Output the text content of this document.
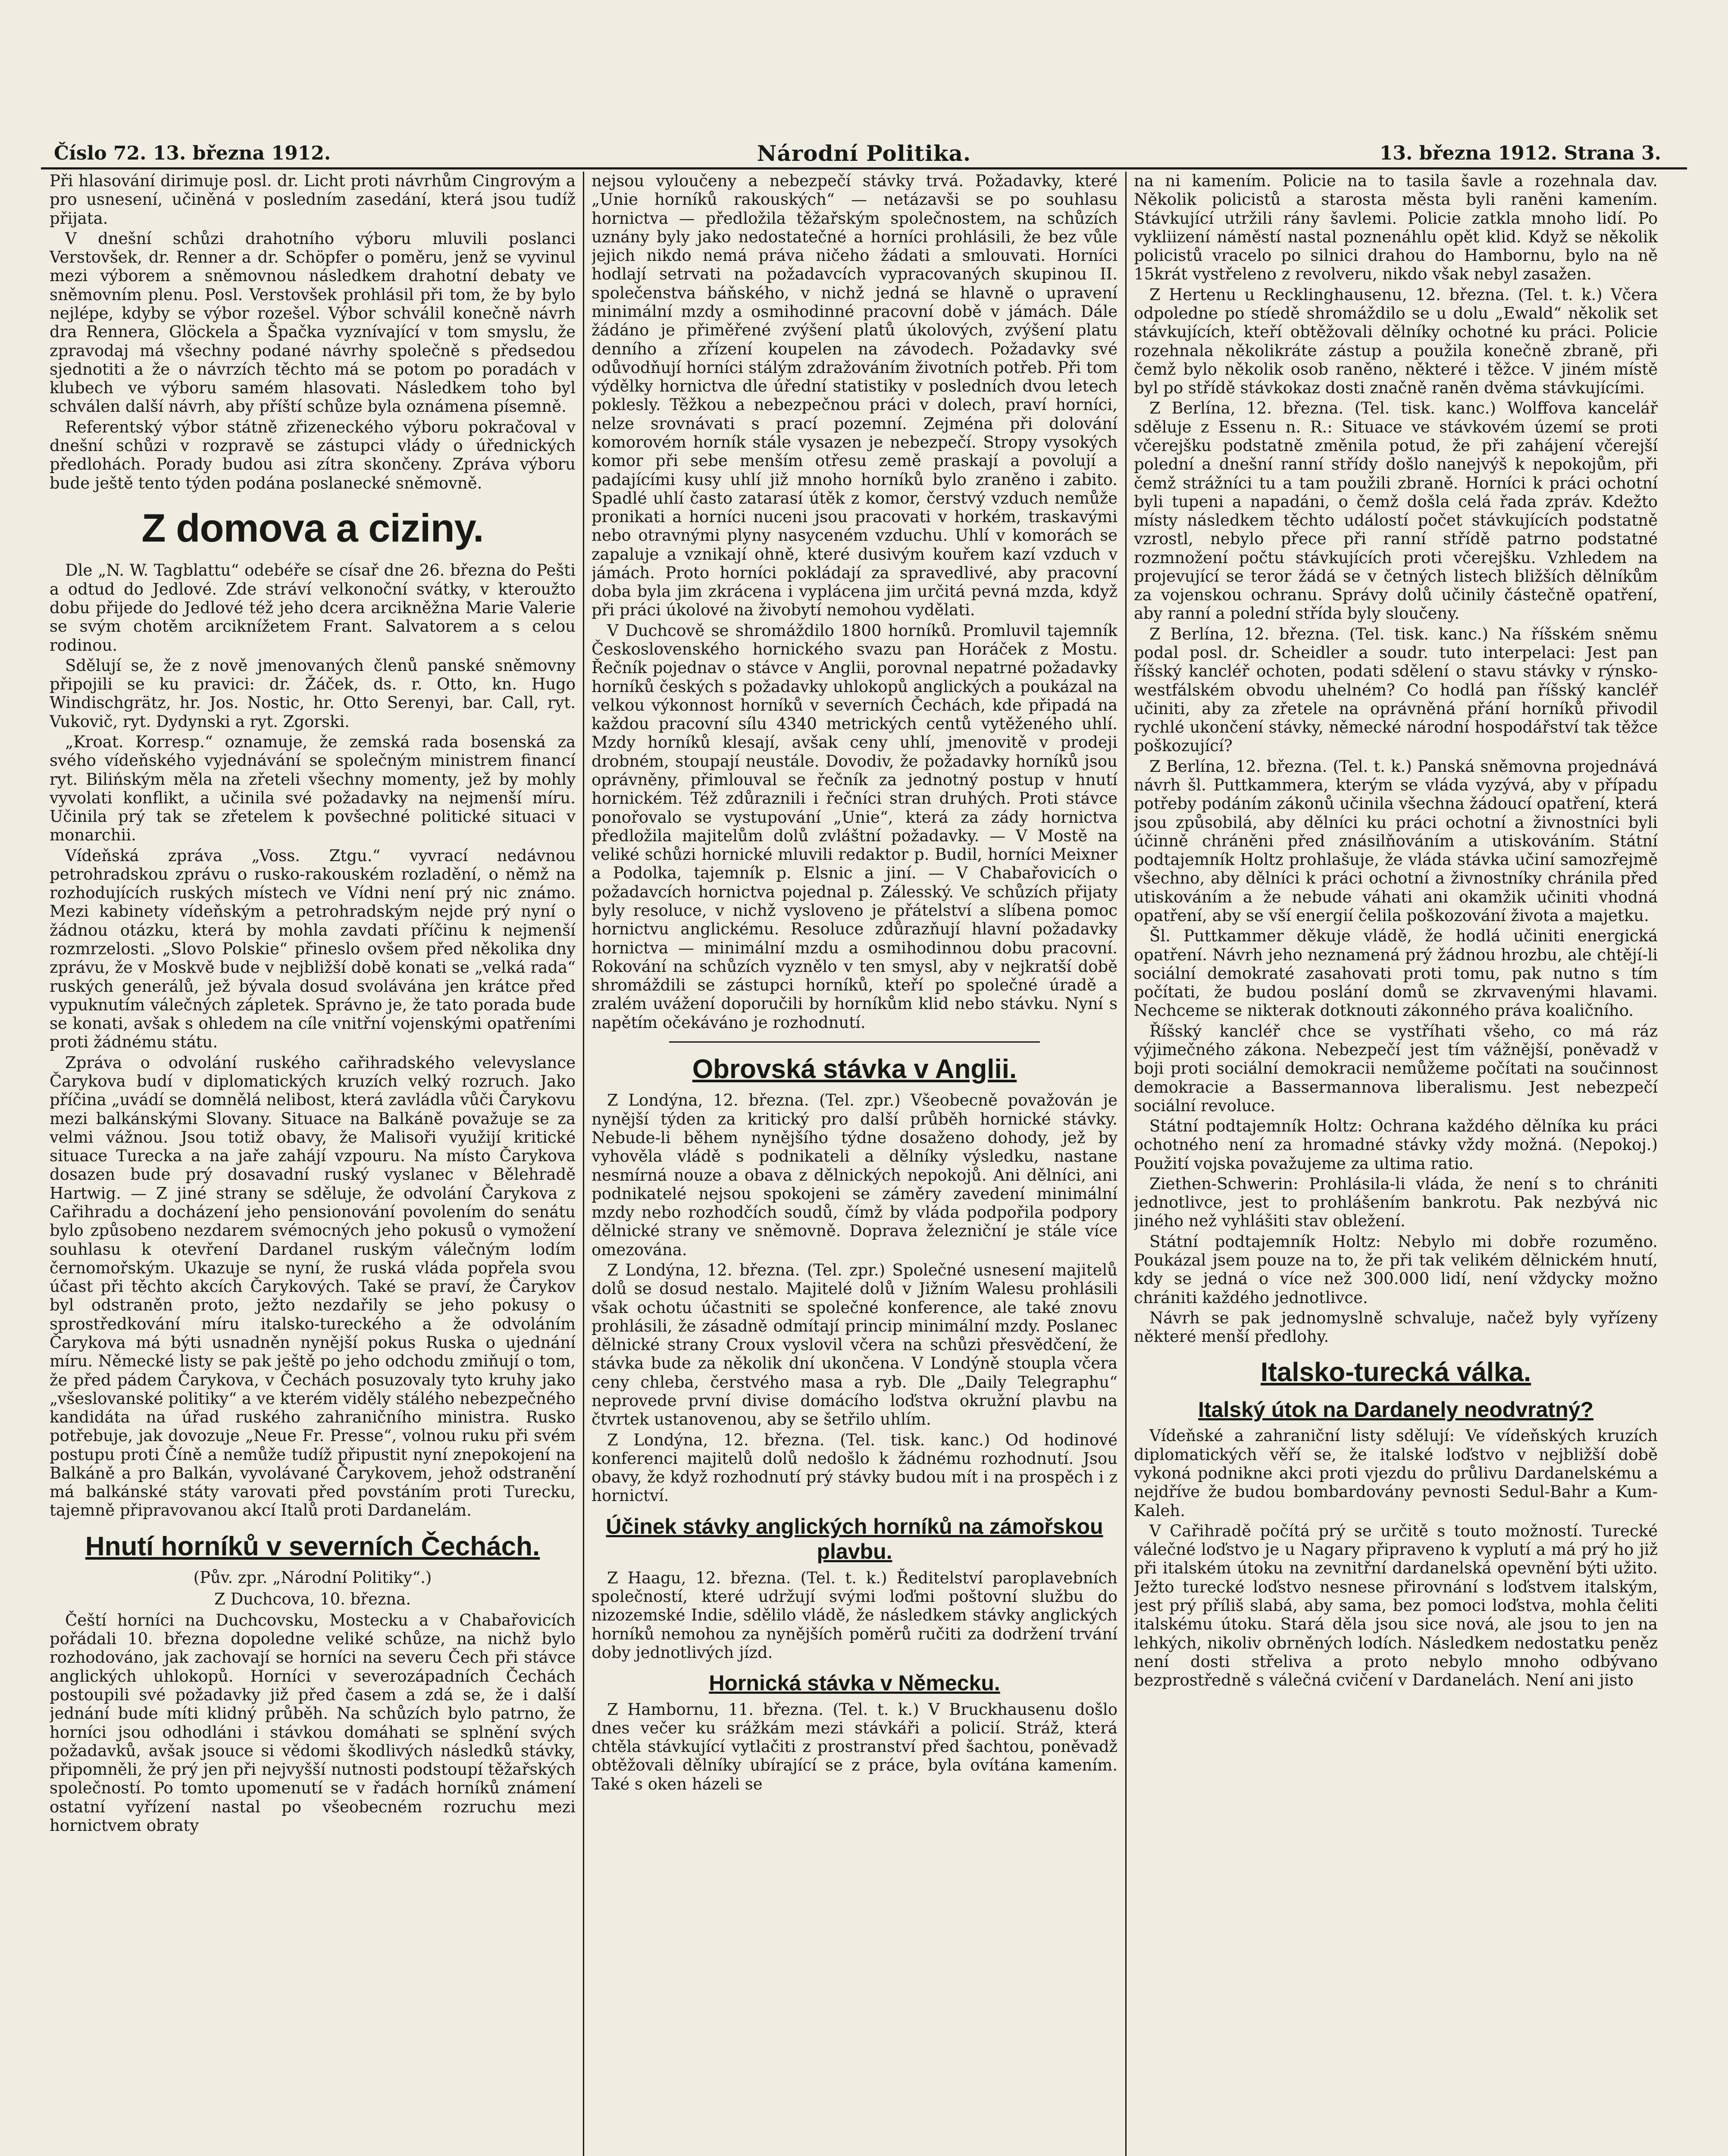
Číslo 72. 13. března 1912.	Národní Politika.	13. března 1912. Strana 3.

Při hlasování dirimuje posl. dr. Licht proti návrhům Cingrovým a pro usnesení, učiněná v posledním zasedání, která jsou tudíž přijata.

V dnešní schůzi drahotního výboru mluvili poslanci Verstovšek, dr. Renner a dr. Schöpfer o poměru, jenž se vyvinul mezi výborem a sněmovnou následkem drahotní debaty ve sněmovním plenu. Posl. Verstovšek prohlásil při tom, že by bylo nejlépe, kdyby se výbor rozešel. Výbor schválil konečně návrh dra Rennera, Glöckela a Špačka vyznívající v tom smyslu, že zpravodaj má všechny podané návrhy společně s předsedou sjednotiti a že o návrzích těchto má se potom po poradách v klubech ve výboru samém hlasovati. Následkem toho byl schválen další návrh, aby příští schůze byla oznámena písemně.

Referentský výbor státně zřizeneckého výboru pokračoval v dnešní schůzi v rozpravě se zástupci vlády o úřednických předlohách. Porady budou asi zítra skončeny. Zpráva výboru bude ještě tento týden podána poslanecké sněmovně.

Z domova a ciziny.

Dle „N. W. Tagblattu“ odebéře se císař dne 26. března do Pešti a odtud do Jedlové. Zde stráví velkonoční svátky, v kteroužto dobu přijede do Jedlové též jeho dcera arcikněžna Marie Valerie se svým chotěm arciknížetem Frant. Salvatorem a s celou rodinou.

Sdělují se, že z nově jmenovaných členů panské sněmovny připojili se ku pravici: dr. Žáček, ds. r. Otto, kn. Hugo Windischgrätz, hr. Jos. Nostic, hr. Otto Serenyi, bar. Call, ryt. Vukovič, ryt. Dydynski a ryt. Zgorski.

„Kroat. Korresp.“ oznamuje, že zemská rada bosenská za svého vídeňského vyjednávání se společným ministrem financí ryt. Bilińským měla na zřeteli všechny momenty, jež by mohly vyvolati konflikt, a učinila své požadavky na nejmenší míru. Učinila prý tak se zřetelem k povšechné politické situaci v monarchii.

Vídeňská zpráva „Voss. Ztgu.“ vyvrací nedávnou petrohradskou zprávu o rusko-rakouském rozladění, o němž na rozhodujících ruských místech ve Vídni není prý nic známo. Mezi kabinety vídeňským a petrohradským nejde prý nyní o žádnou otázku, která by mohla zavdati příčinu k nejmenší rozmrzelosti. „Slovo Polskie“ přineslo ovšem před několika dny zprávu, že v Moskvě bude v nejbližší době konati se „velká rada“ ruských generálů, jež bývala dosud svolávána jen krátce před vypuknutím válečných zápletek. Správno je, že tato porada bude se konati, avšak s ohledem na cíle vnitřní vojenskými opatřeními proti žádnému státu.

Zpráva o odvolání ruského cařihradského velevyslance Čarykova budí v diplomatických kruzích velký rozruch. Jako příčina „uvádí se domnělá nelibost, která zavládla vůči Čarykovu mezi balkánskými Slovany. Situace na Balkáně považuje se za velmi vážnou. Jsou totiž obavy, že Malisoři využijí kritické situace Turecka a na jaře zahájí vzpouru. Na místo Čarykova dosazen bude prý dosavadní ruský vyslanec v Bělehradě Hartwig. — Z jiné strany se sděluje, že odvolání Čarykova z Cařihradu a docházení jeho pensionování povolením do senátu bylo způsobeno nezdarem svémocných jeho pokusů o vymožení souhlasu k otevření Dardanel ruským válečným lodím černomořským. Ukazuje se nyní, že ruská vláda popřela svou účast při těchto akcích Čarykových. Také se praví, že Čarykov byl odstraněn proto, ježto nezdařily se jeho pokusy o sprostředkování míru italsko-tureckého a že odvoláním Čarykova má býti usnadněn nynější pokus Ruska o ujednání míru. Německé listy se pak ještě po jeho odchodu zmiňují o tom, že před pádem Čarykova, v Čechách posuzovaly tyto kruhy jako „všeslovanské politiky“ a ve kterém viděly stálého nebezpečného kandidáta na úřad ruského zahraničního ministra. Rusko potřebuje, jak dovozuje „Neue Fr. Presse“, volnou ruku při svém postupu proti Číně a nemůže tudíž připustit nyní znepokojení na Balkáně a pro Balkán, vyvolávané Čarykovem, jehož odstranění má balkánské státy varovati před povstáním proti Turecku, tajemně připravovanou akcí Italů proti Dardanelám.

Hnutí horníků v severních Čechách.
(Pův. zpr. „Národní Politiky“.)
Z Duchcova, 10. března.

Čeští horníci na Duchcovsku, Mostecku a v Chabařovicích pořádali 10. března dopoledne veliké schůze, na nichž bylo rozhodováno, jak zachovají se horníci na severu Čech při stávce anglických uhlokopů. Horníci v severozápadních Čechách postoupili své požadavky již před časem a zdá se, že i další jednání bude míti klidný průběh. Na schůzích bylo patrno, že horníci jsou odhodláni i stávkou domáhati se splnění svých požadavků, avšak jsouce si vědomi škodlivých následků stávky, připomněli, že prý jen při nejvyšší nutnosti podstoupí těžařských společností. Po tomto upomenutí se v řadách horníků známení ostatní vyřízení nastal po všeobecném rozruchu mezi hornictvem obraty

nejsou vyloučeny a nebezpečí stávky trvá. Požadavky, které „Unie horníků rakouských“ — netázavši se po souhlasu hornictva — předložila těžařským společnostem, na schůzích uznány byly jako nedostatečné a horníci prohlásili, že bez vůle jejich nikdo nemá práva ničeho žádati a smlouvati. Horníci hodlají setrvati na požadavcích vypracovaných skupinou II. společenstva báňského, v nichž jedná se hlavně o upravení minimální mzdy a osmihodinné pracovní době v jámách. Dále žádáno je přiměřené zvýšení platů úkolových, zvýšení platu denního a zřízení koupelen na závodech. Požadavky své odůvodňují horníci stálým zdražováním životních potřeb. Při tom výdělky hornictva dle úřední statistiky v posledních dvou letech poklesly. Těžkou a nebezpečnou práci v dolech, praví horníci, nelze srovnávati s prací pozemní. Zejména při dolování komorovém horník stále vysazen je nebezpečí. Stropy vysokých komor při sebe menším otřesu země praskají a povolují a padajícími kusy uhlí již mnoho horníků bylo zraněno i zabito. Spadlé uhlí často zatarasí útěk z komor, čerstvý vzduch nemůže pronikati a horníci nuceni jsou pracovati v horkém, traskavými nebo otravnými plyny nasyceném vzduchu. Uhlí v komorách se zapaluje a vznikají ohně, které dusivým kouřem kazí vzduch v jámách. Proto horníci pokládají za spravedlivé, aby pracovní doba byla jim zkrácena i vyplácena jim určitá pevná mzda, když při práci úkolové na živobytí nemohou vydělati.

V Duchcově se shromáždilo 1800 horníků. Promluvil tajemník Československého hornického svazu pan Horáček z Mostu. Řečník pojednav o stávce v Anglii, porovnal nepatrné požadavky horníků českých s požadavky uhlokopů anglických a poukázal na velkou výkonnost horníků v severních Čechách, kde připadá na každou pracovní sílu 4340 metrických centů vytěženého uhlí. Mzdy horníků klesají, avšak ceny uhlí, jmenovitě v prodeji drobném, stoupají neustále. Dovodiv, že požadavky horníků jsou oprávněny, přimlouval se řečník za jednotný postup v hnutí hornickém. Též zdůraznili i řečníci stran druhých. Proti stávce ponořovalo se vystupování „Unie“, která za zády hornictva předložila majitelům dolů zvláštní požadavky. — V Mostě na veliké schůzi hornické mluvili redaktor p. Budil, horníci Meixner a Podolka, tajemník p. Elsnic a jiní. — V Chabařovicích o požadavcích hornictva pojednal p. Zálesský. Ve schůzích přijaty byly resoluce, v nichž vysloveno je přátelství a slíbena pomoc hornictvu anglickému. Resoluce zdůrazňují hlavní požadavky hornictva — minimální mzdu a osmihodinnou dobu pracovní. Rokování na schůzích vyznělo v ten smysl, aby v nejkratší době shromáždili se zástupci horníků, kteří po společné úradě a zralém uvážení doporučili by horníkům klid nebo stávku. Nyní s napětím očekáváno je rozhodnutí.

Obrovská stávka v Anglii.

Z Londýna, 12. března. (Tel. zpr.) Všeobecně považován je nynější týden za kritický pro další průběh hornické stávky. Nebude-li během nynějšího týdne dosaženo dohody, jež by vyhověla vládě s podnikateli a dělníky výsledku, nastane nesmírná nouze a obava z dělnických nepokojů. Ani dělníci, ani podnikatelé nejsou spokojeni se záměry zavedení minimální mzdy nebo rozhodčích soudů, čímž by vláda podpořila podpory dělnické strany ve sněmovně. Doprava železniční je stále více omezována.

Z Londýna, 12. března. (Tel. zpr.) Společné usnesení majitelů dolů se dosud nestalo. Majitelé dolů v Jižním Walesu prohlásili však ochotu účastniti se společné konference, ale také znovu prohlásili, že zásadně odmítají princip minimální mzdy. Poslanec dělnické strany Croux vyslovil včera na schůzi přesvědčení, že stávka bude za několik dní ukončena. V Londýně stoupla včera ceny chleba, čerstvého masa a ryb. Dle „Daily Telegraphu“ neprovede první divise domácího loďstva okružní plavbu na čtvrtek ustanovenou, aby se šetřilo uhlím.

Z Londýna, 12. března. (Tel. tisk. kanc.) Od hodinové konferenci majitelů dolů nedošlo k žádnému rozhodnutí. Jsou obavy, že když rozhodnutí prý stávky budou mít i na prospěch i z hornictví.

Účinek stávky anglických horníků na zámořskou plavbu.

Z Haagu, 12. března. (Tel. t. k.) Ředitelství paroplavebních společností, které udržují svými loďmi poštovní službu do nizozemské Indie, sdělilo vládě, že následkem stávky anglických horníků nemohou za nynějších poměrů ručiti za dodržení trvání doby jednotlivých jízd.

Hornická stávka v Německu.

Z Hambornu, 11. března. (Tel. t. k.) V Bruckhausenu došlo dnes večer ku srážkám mezi stávkáři a policií. Stráž, která chtěla stávkující vytlačiti z prostranství před šachtou, poněvadž obtěžovali dělníky ubírající se z práce, byla ovítána kamením. Také s oken házeli se

na ni kamením. Policie na to tasila šavle a rozehnala dav. Několik policistů a starosta města byli raněni kamením. Stávkující utržili rány šavlemi. Policie zatkla mnoho lidí. Po vykliizení náměstí nastal poznenáhlu opět klid. Když se několik policistů vracelo po silnici drahou do Hambornu, bylo na ně 15krát vystřeleno z revolveru, nikdo však nebyl zasažen.

Z Hertenu u Recklinghausenu, 12. března. (Tel. t. k.) Včera odpoledne po stíedě shromáždilo se u dolu „Ewald“ několik set stávkujících, kteří obtěžovali dělníky ochotné ku práci. Policie rozehnala několikráte zástup a použila konečně zbraně, při čemž bylo několik osob raněno, některé i těžce. V jiném místě byl po střídě stávkokaz dosti značně raněn dvěma stávkujícími.

Z Berlína, 12. března. (Tel. tisk. kanc.) Wolffova kancelář sděluje z Essenu n. R.: Situace ve stávkovém území se proti včerejšku podstatně změnila potud, že při zahájení včerejší polední a dnešní ranní střídy došlo nanejvýš k nepokojům, při čemž strážníci tu a tam použili zbraně. Horníci k práci ochotní byli tupeni a napadáni, o čemž došla celá řada zpráv. Kdežto místy následkem těchto událostí počet stávkujících podstatně vzrostl, nebylo přece při ranní střídě patrno podstatné rozmnožení počtu stávkujících proti včerejšku. Vzhledem na projevující se teror žádá se v četných listech bližších dělníkům za vojenskou ochranu. Správy dolů učinily částečně opatření, aby ranní a polední střída byly sloučeny.

Z Berlína, 12. března. (Tel. tisk. kanc.) Na říšském sněmu podal posl. dr. Scheidler a soudr. tuto interpelaci: Jest pan říšský kancléř ochoten, podati sdělení o stavu stávky v rýnsko-westfálském obvodu uhelném? Co hodlá pan říšský kancléř učiniti, aby za zřetele na oprávněná přání horníků přivodil rychlé ukončení stávky, německé národní hospodářství tak těžce poškozující?

Z Berlína, 12. března. (Tel. t. k.) Panská sněmovna projednává návrh šl. Puttkammera, kterým se vláda vyzývá, aby v případu potřeby podáním zákonů učinila všechna žádoucí opatření, která jsou způsobilá, aby dělníci ku práci ochotní a živnostníci byli účinně chráněni před znásilňováním a utiskováním. Státní podtajemník Holtz prohlašuje, že vláda stávka učiní samozřejmě všechno, aby dělníci k práci ochotní a živnostníky chránila před utiskováním a že nebude váhati ani okamžik učiniti vhodná opatření, aby se vší energií čelila poškozování života a majetku.

Šl. Puttkammer děkuje vládě, že hodlá učiniti energická opatření. Návrh jeho neznamená prý žádnou hrozbu, ale chtějí-li sociální demokraté zasahovati proti tomu, pak nutno s tím počítati, že budou poslání domů se zkrvavenými hlavami. Nechceme se nikterak dotknouti zákonného práva koaličního.

Říšský kancléř chce se vystříhati všeho, co má ráz výjimečného zákona. Nebezpečí jest tím vážnější, poněvadž v boji proti sociální demokracii nemůžeme počítati na součinnost demokracie a Bassermannova liberalismu. Jest nebezpečí sociální revoluce.

Státní podtajemník Holtz: Ochrana každého dělníka ku práci ochotného není za hromadné stávky vždy možná. (Nepokoj.) Použití vojska považujeme za ultima ratio.

Ziethen-Schwerin: Prohlásila-li vláda, že není s to chrániti jednotlivce, jest to prohlášením bankrotu. Pak nezbývá nic jiného než vyhlášiti stav obležení.

Státní podtajemník Holtz: Nebylo mi dobře rozuměno. Poukázal jsem pouze na to, že při tak velikém dělnickém hnutí, kdy se jedná o více než 300.000 lidí, není vždycky možno chrániti každého jednotlivce.

Návrh se pak jednomyslně schvaluje, načež byly vyřízeny některé menší předlohy.

Italsko-turecká válka.
Italský útok na Dardanely neodvratný?

Vídeňské a zahraniční listy sdělují: Ve vídeňských kruzích diplomatických věří se, že italské loďstvo v nejbližší době vykoná podnikne akci proti vjezdu do průlivu Dardanelskému a nejdříve že budou bombardovány pevnosti Sedul-Bahr a Kum-Kaleh.

V Cařihradě počítá prý se určitě s touto možností. Turecké válečné loďstvo je u Nagary připraveno k vyplutí a má prý ho již při italském útoku na zevnitřní dardanelská opevnění býti užito. Ježto turecké loďstvo nesnese přirovnání s loďstvem italským, jest prý příliš slabá, aby sama, bez pomoci loďstva, mohla čeliti italskému útoku. Stará děla jsou sice nová, ale jsou to jen na lehkých, nikoliv obrněných lodích. Následkem nedostatku peněz není dosti střeliva a proto nebylo mnoho odbývano bezprostředně s válečná cvičení v Dardanelách. Není ani jisto
